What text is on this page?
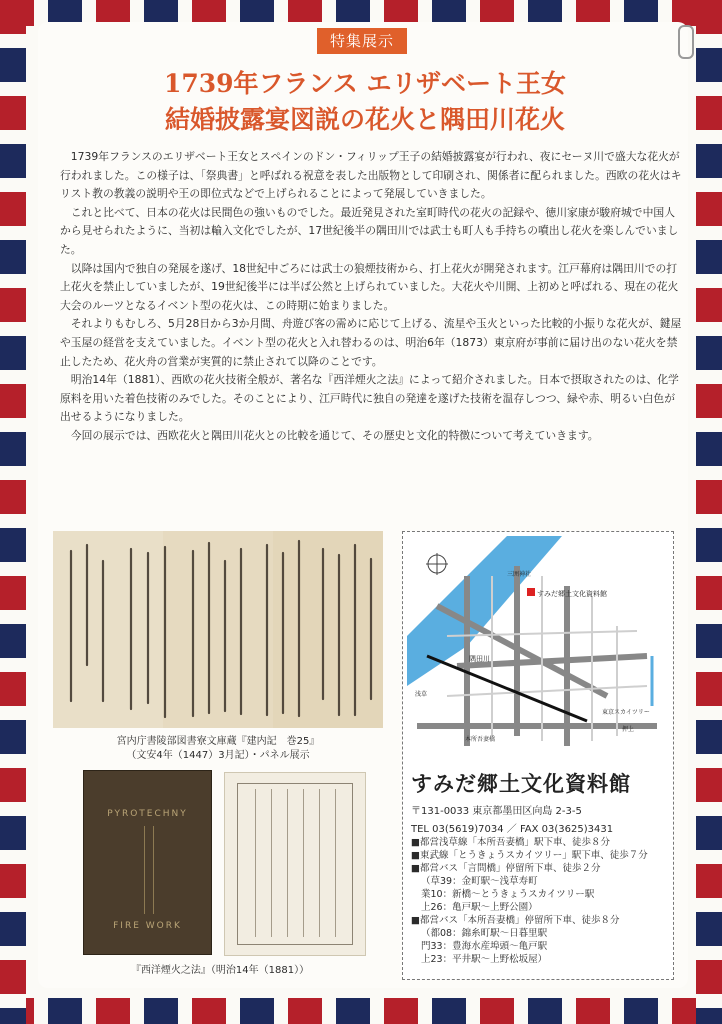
特集展示
1739年フランス エリザベート王女
結婚披露宴図説の花火と隅田川花火

1739年フランスのエリザベート王女とスペインのドン・フィリップ王子の結婚披露宴が行われ、夜にセーヌ川で盛大な花火が行われました。この様子は、「祭典書」と呼ばれる祝意を表した出版物として印刷され、関係者に配られました。西欧の花火はキリスト教の教義の説明や王の即位式などで上げられることによって発展していきました。

これと比べて、日本の花火は民間色の強いものでした。最近発見された室町時代の花火の記録や、徳川家康が駿府城で中国人から見せられたように、当初は輸入文化でしたが、17世紀後半の隅田川では武士も町人も手持ちの噴出し花火を楽しんでいました。

以降は国内で独自の発展を遂げ、18世紀中ごろには武士の狼煙技術から、打上花火が開発されます。江戸幕府は隅田川での打上花火を禁止していましたが、19世紀後半には半ば公然と上げられていました。大花火や川開、上初めと呼ばれる、現在の花火大会のルーツとなるイベント型の花火は、この時期に始まりました。

それよりもむしろ、5月28日から3か月間、舟遊び客の需めに応じて上げる、流星や玉火といった比較的小振りな花火が、鍵屋や玉屋の経営を支えていました。イベント型の花火と入れ替わるのは、明治6年（1873）東京府が事前に届け出のない花火を禁止したため、花火舟の営業が実質的に禁止されて以降のことです。

明治14年（1881）、西欧の花火技術全般が、著名な『西洋煙火之法』によって紹介されました。日本で摂取されたのは、化学原料を用いた着色技術のみでした。そのことにより、江戸時代に独自の発達を遂げた技術を温存しつつ、緑や赤、明るい白色が出せるようになりました。

今回の展示では、西欧花火と隅田川花火との比較を通じて、その歴史と文化的特徴について考えていきます。

宮内庁書陵部図書寮文庫蔵『建内記　巻25』
（文安4年（1447）3月記）・パネル展示
PYROTECHNY
FIRE WORK
『西洋煙火之法』（明治14年（1881））
すみだ郷土文化資料館
隅田川
東京スカイツリー
押上
本所吾妻橋
浅草
三囲神社
すみだ郷土文化資料館
〒131-0033 東京都墨田区向島 2-3-5
TEL 03(5619)7034 ／ FAX 03(3625)3431
■都営浅草線「本所吾妻橋」駅下車、徒歩８分
■東武線「とうきょうスカイツリー」駅下車、徒歩７分
■都営バス「言問橋」停留所下車、徒歩２分
（草39：金町駅～浅草寿町
業10：新橋～とうきょうスカイツリー駅
上26：亀戸駅～上野公園）
■都営バス「本所吾妻橋」停留所下車、徒歩８分
（都08：錦糸町駅～日暮里駅
門33：豊海水産埠頭～亀戸駅
上23：平井駅～上野松坂屋）
